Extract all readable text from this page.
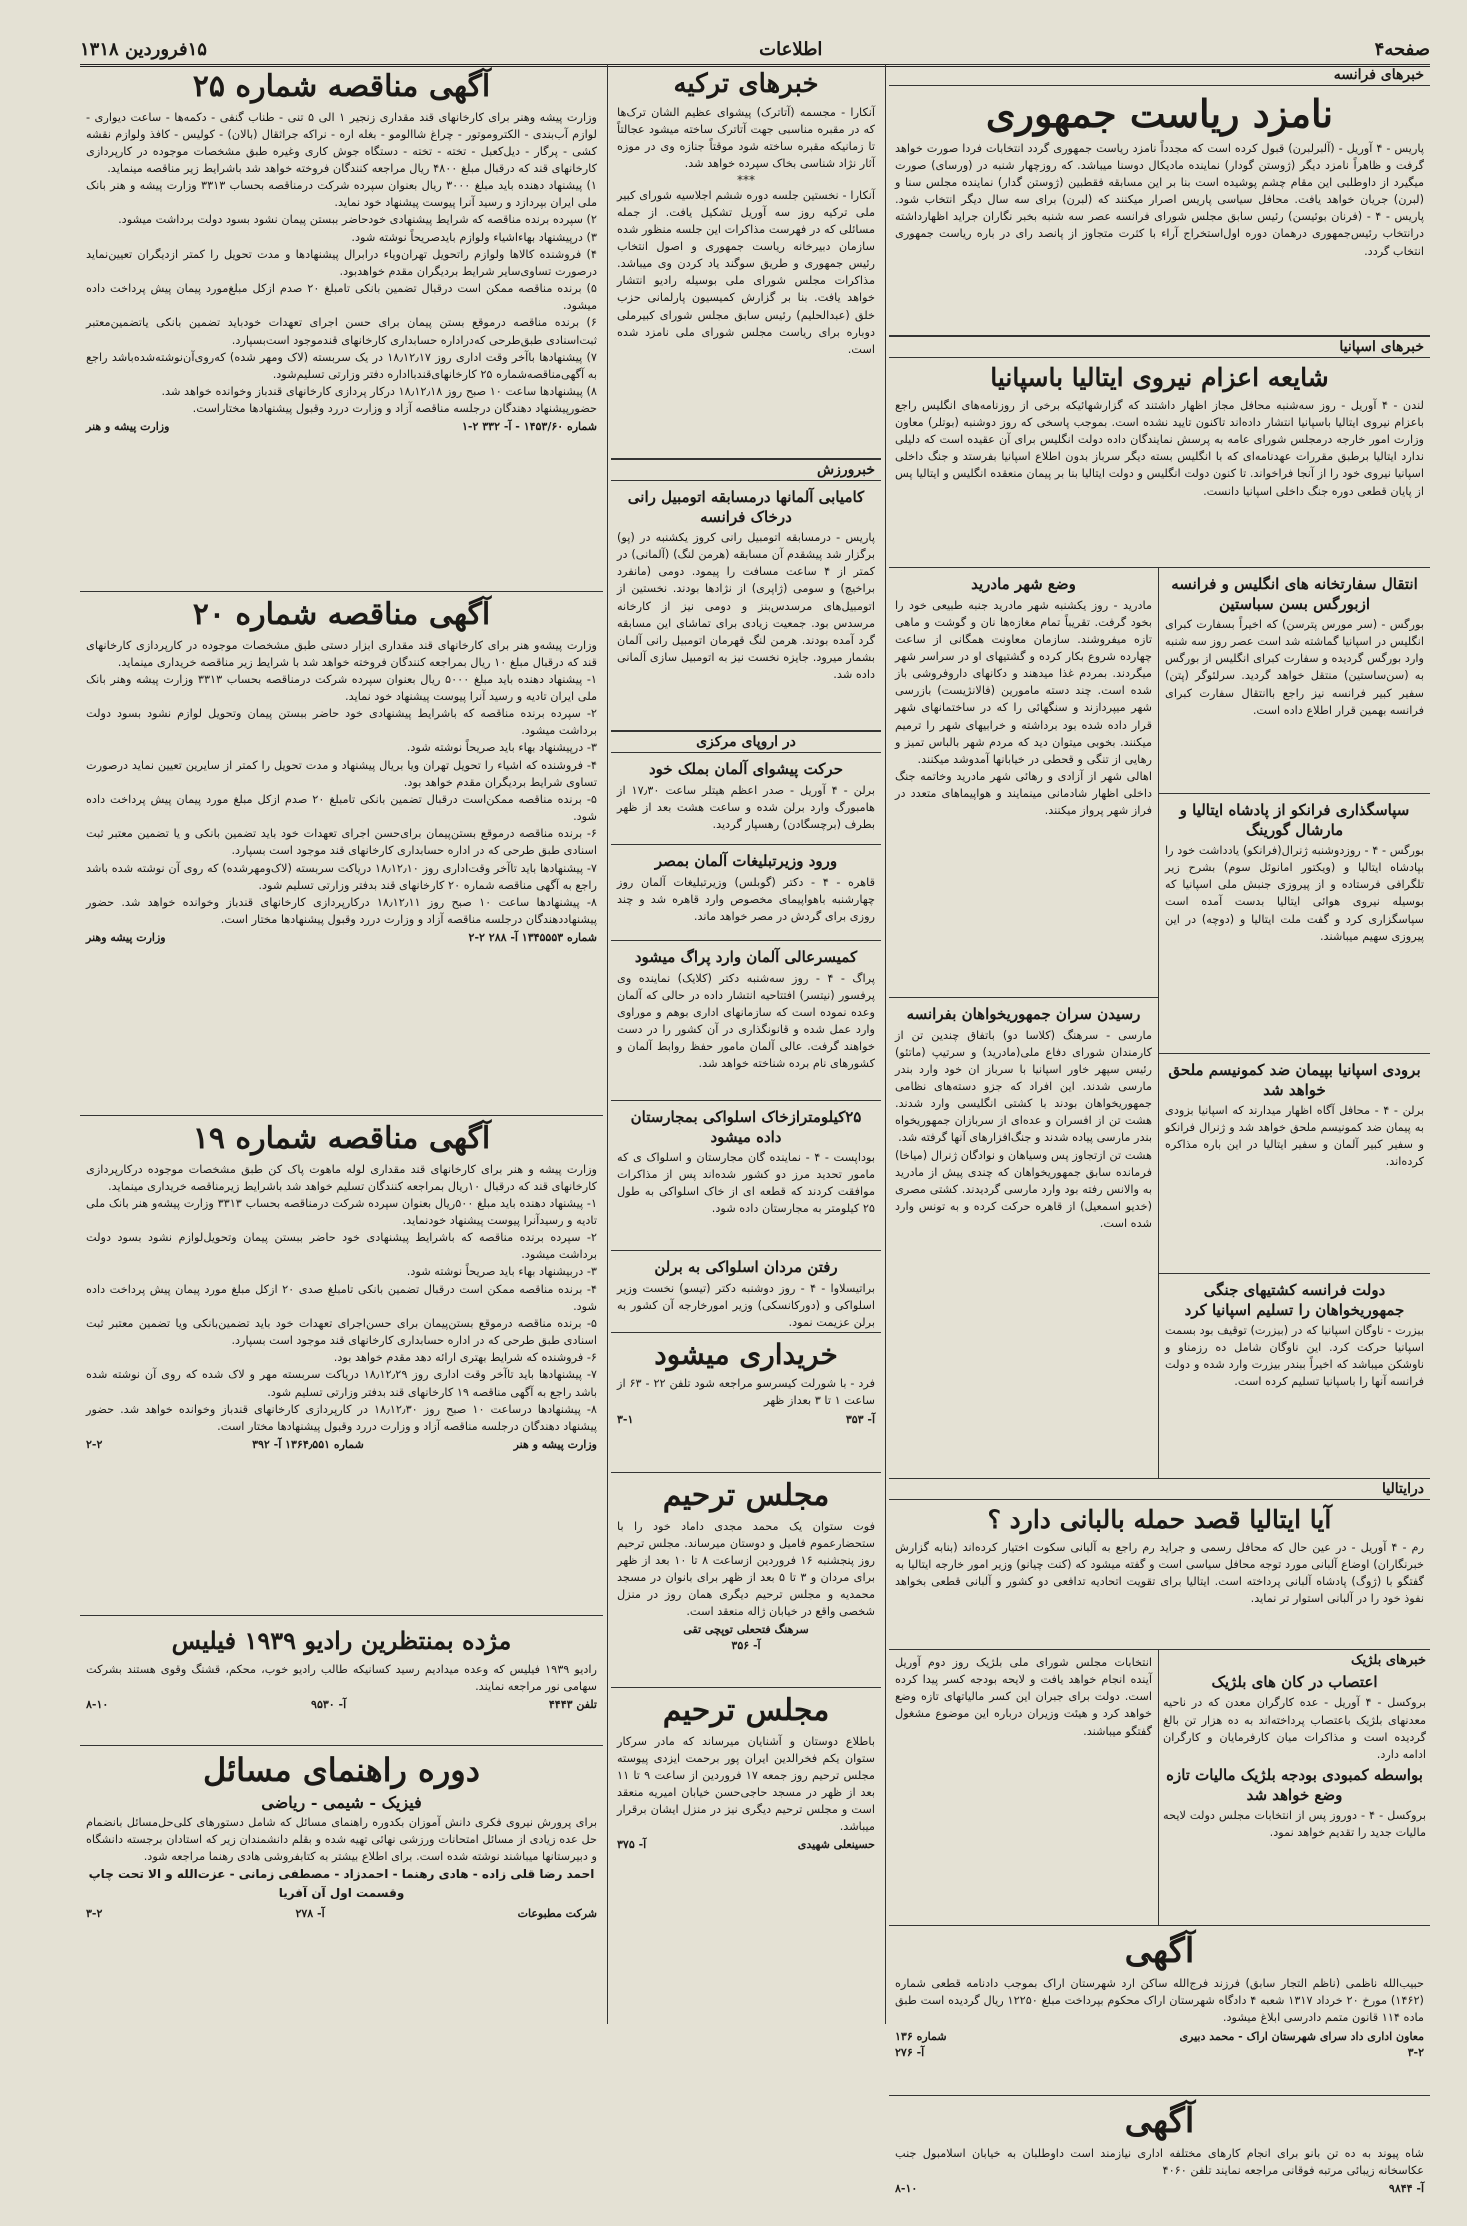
صفحه۴
اطلاعات
۱۵فروردین ۱۳۱۸
خبرهای فرانسه
نامزد ریاست جمهوری

پاریس - ۴ آوریل - (آلبرلبرن) قبول کرده است که مجدداً نامزد ریاست جمهوری گردد انتخابات فردا صورت خواهد گرفت و ظاهراً نامزد دیگر (ژوستن گودار) نماینده مادیکال دوسنا میباشد. که روزچهار شنبه در (ورسای) صورت میگیرد از داوطلبی این مقام چشم پوشیده است بنا بر این مسابقه فقطبین (ژوستن گدار) نماینده مجلس سنا و (لبرن) جریان خواهد یافت. محافل سیاسی پاریس اصرار میکنند که (لبرن) برای سه سال دیگر انتخاب شود. پاریس - ۴ - (فرنان بوئیسن) رئیس سابق مجلس شورای فرانسه عصر سه شنبه بخبر نگاران جراید اظهارداشته درانتخاب رئیس‌جمهوری درهمان دوره اول‌استخراج آراء با کثرت متجاوز از پانصد رای در باره ریاست جمهوری انتخاب گردد.

خبرهای اسپانیا
شایعه اعزام نیروی ایتالیا باسپانیا

لندن - ۴ آوریل - روز سه‌شنبه محافل مجاز اظهار داشتند که گزارشهائیکه برخی از روزنامه‌های انگلیس راجع باعزام نیروی ایتالیا باسپانیا انتشار داده‌اند تاکنون تایید نشده است. بموجب پاسخی که روز دوشنبه (بوتلر) معاون وزارت امور خارجه درمجلس شورای عامه به پرسش نمایندگان داده دولت انگلیس برای آن عقیده است که دلیلی ندارد ایتالیا برطبق مقررات عهدنامه‌ای که با انگلیس بسته دیگر سرباز بدون اطلاع اسپانیا بفرستد و جنگ داخلی اسپانیا نیروی خود را از آنجا فراخواند. تا کنون دولت انگلیس و دولت ایتالیا بنا بر پیمان منعقده انگلیس و ایتالیا پس از پایان قطعی دوره جنگ داخلی اسپانیا دانست.

انتقال سفارتخانه های انگلیس و فرانسه ازبورگس بسن سباستین

بورگس - (سر مورس پترسن) که اخیراً بسفارت کبرای انگلیس در اسپانیا گماشته شد است عصر روز سه شنبه وارد بورگس گردیده و سفارت کبرای انگلیس از بورگس به (سن‌ساستین) منتقل خواهد گردید. سرلئوگر (پتن) سفیر کبیر فرانسه نیز راجع باانتقال سفارت کبرای فرانسه بهمین قرار اطلاع داده است.

سپاسگذاری فرانکو از پادشاه ایتالیا و مارشال گورینگ

بورگس - ۴ - روزدوشنبه ژنرال(فرانکو) یادداشت خود را بپادشاه ایتالیا و (ویکتور امانوئل سوم) بشرح زیر تلگرافی فرستاده و از پیروزی جنبش ملی اسپانیا که بوسیله نیروی هوائی ایتالیا بدست آمده است سپاسگزاری کرد و گفت ملت ایتالیا و (دوچه) در این پیروزی سهیم میباشند.

برودی اسپانیا بپیمان ضد کمونیسم ملحق خواهد شد

برلن - ۴ - محافل آگاه اظهار میدارند که اسپانیا بزودی به پیمان ضد کمونیسم ملحق خواهد شد و ژنرال فرانکو و سفیر کبیر آلمان و سفیر ایتالیا در این باره مذاکره کرده‌اند.

دولت فرانسه کشتیهای جنگی جمهوریخواهان را تسلیم اسپانیا کرد

بیزرت - ناوگان اسپانیا که در (بیزرت) توقیف بود بسمت اسپانیا حرکت کرد. این ناوگان شامل ده رزمناو و ناوشکن میباشد که اخیراً ببندر بیزرت وارد شده و دولت فرانسه آنها را باسپانیا تسلیم کرده است.

وضع شهر مادرید

مادرید - روز یکشنبه شهر مادرید جنبه طبیعی خود را بخود گرفت. تقریباً تمام مغازه‌ها نان و گوشت و ماهی تازه میفروشند. سازمان معاونت همگانی از ساعت چهارده شروع بکار کرده و گشتیهای او در سراسر شهر میگردند. بمردم غذا میدهند و دکانهای داروفروشی باز شده است. چند دسته مامورین (فالانژیست) بازرسی شهر میپردازند و سنگهائی را که در ساختمانهای شهر قرار داده شده بود برداشته و خرابیهای شهر را ترمیم میکنند. بخوبی میتوان دید که مردم شهر بالباس تمیز و رهایی از تنگی و قحطی در خیابانها آمدوشد میکنند.

اهالی شهر از آزادی و رهائی شهر مادرید وخاتمه جنگ داخلی اظهار شادمانی مینمایند و هواپیماهای متعدد در فراز شهر پرواز میکنند.

رسیدن سران جمهوریخواهان بفرانسه

مارسی - سرهنگ (کلاسا دو) باتفاق چندین تن از کارمندان شورای دفاع ملی(مادرید) و سرتیپ (ماتئو) رئیس سپهر خاور اسپانیا با سرباز ان خود وارد بندر مارسی شدند. این افراد که جزو دسته‌های نظامی جمهوریخواهان بودند با کشتی انگلیسی وارد شدند. هشت تن از افسران و عده‌ای از سربازان جمهوریخواه بندر مارسی پیاده شدند و جنگ‌افزارهای آنها گرفته شد.

هشت تن ازتجاوز پس وسیاهان و نوادگان ژنرال (میاخا) فرمانده سابق جمهوریخواهان که چندی پیش از مادرید به والانس رفته بود وارد مارسی گردیدند. کشتی مصری (خدیو اسمعیل) از قاهره حرکت کرده و به تونس وارد شده است.

درایتالیا
آیا ایتالیا قصد حمله بالبانی دارد ؟

رم - ۴ آوریل - در عین حال که محافل رسمی و جراید رم راجع به آلبانی سکوت اختیار کرده‌اند (بنابه گزارش خبرنگاران) اوضاع آلبانی مورد توجه محافل سیاسی است و گفته میشود که (کنت چیانو) وزیر امور خارجه ایتالیا به گفتگو با (ژوگ) پادشاه آلبانی پرداخته است. ایتالیا برای تقویت اتحادیه تدافعی دو کشور و آلبانی قطعی بخواهد نفوذ خود را در آلبانی استوار تر نماید.

خبرهای بلژیک
اعتصاب در کان های بلژیک

بروکسل - ۴ آوریل - عده کارگران معدن که در ناحیه معدنهای بلژیک باعتصاب پرداخته‌اند به ده هزار تن بالغ گردیده است و مذاکرات میان کارفرمایان و کارگران ادامه دارد.

بواسطه کمبودی بودجه بلژیک مالیات تازه وضع خواهد شد

بروکسل - ۴ - دوروز پس از انتخابات مجلس دولت لایحه مالیات جدید را تقدیم خواهد نمود.

انتخابات مجلس شورای ملی بلژیک روز دوم آوریل آینده انجام خواهد یافت و لایحه بودجه کسر پیدا کرده است. دولت برای جبران این کسر مالیاتهای تازه وضع خواهد کرد و هیئت وزیران درباره این موضوع مشغول گفتگو میباشند.

آگهی

حبیب‌الله ناظمی (ناظم التجار سابق) فرزند فرج‌الله ساکن ارد شهرستان اراک بموجب دادنامه قطعی شماره (۱۴۶۲) مورخ ۲۰ خرداد ۱۳۱۷ شعبه ۴ دادگاه شهرستان اراک محکوم بپرداخت مبلغ ۱۲۲۵۰ ریال گردیده است طبق ماده ۱۱۴ قانون متمم دادرسی ابلاغ میشود.

معاون اداری داد سرای شهرستان اراک - محمد دبیری
شماره ۱۳۶
۳-۲
آ- ۲۷۶
آگهی

شاه پیوند به ده تن بانو برای انجام کارهای مختلفه اداری نیازمند است داوطلبان به خیابان اسلامبول جنب عکاسخانه زیبائی مرتبه فوقانی مراجعه نمایند تلفن ۴۰۶۰

آ- ۹۸۴۴
۸-۱۰
خبرهای ترکیه

آنکارا - مجسمه (آتاترک) پیشوای عظیم الشان ترک‌ها که در مقبره مناسبی جهت آتاترک ساخته میشود عجالتاً تا زمانیکه مقبره ساخته شود موقتاً جنازه وی در موزه آثار نژاد شناسی بخاک سپرده خواهد شد.

***

آنکارا - نخستین جلسه دوره ششم اجلاسیه شورای کبیر ملی ترکیه روز سه آوریل تشکیل یافت. از جمله مسائلی که در فهرست مذاکرات این جلسه منظور شده سازمان دبیرخانه ریاست جمهوری و اصول انتخاب رئیس جمهوری و طریق سوگند یاد کردن وی میباشد. مذاکرات مجلس شورای ملی بوسیله رادیو انتشار خواهد یافت. بنا بر گزارش کمیسیون پارلمانی حزب خلق (عبدالحلیم) رئیس سابق مجلس شورای کبیرملی دوباره برای ریاست مجلس شورای ملی نامزد شده است.

خبرورزش
کامیابی آلمانها درمسابقه اتومبیل رانی درخاک فرانسه

پاریس - درمسابقه اتومبیل رانی کروز یکشنبه در (پو) برگزار شد پیشقدم آن مسابقه (هرمن لنگ) (آلمانی) در کمتر از ۴ ساعت مسافت را پیمود. دومی (مانفرد براخیچ) و سومی (ژاپری) از نژادها بودند. نخستین از اتومبیل‌های مرسدس‌بنز و دومی نیز از کارخانه مرسدس بود. جمعیت زیادی برای تماشای این مسابقه گرد آمده بودند. هرمن لنگ قهرمان اتومبیل رانی آلمان بشمار میرود. جایزه نخست نیز به اتومبیل سازی آلمانی داده شد.

در اروپای مرکزی
حرکت پیشوای آلمان بملک خود

برلن - ۴ آوریل - صدر اعظم هیتلر ساعت ۱۷٫۳۰ از هامبورگ وارد برلن شده و ساعت هشت بعد از ظهر بطرف (برچسگادن) رهسپار گردید.

ورود وزیرتبلیغات آلمان بمصر

قاهره - ۴ - دکتر (گوبلس) وزیرتبلیغات آلمان روز چهارشنبه باهواپیمای مخصوص وارد قاهره شد و چند روزی برای گردش در مصر خواهد ماند.

کمیسرعالی آلمان وارد پراگ میشود

پراگ - ۴ - روز سه‌شنبه دکتر (کلایک) نماینده وی پرفسور (نیتسر) افتتاحیه انتشار داده در حالی که آلمان وعده نموده است که سازمانهای اداری بوهم و موراوی وارد عمل شده و قانونگذاری در آن کشور را در دست خواهند گرفت. عالی آلمان مامور حفظ روابط آلمان و کشورهای نام برده شناخته خواهد شد.

۲۵کیلومترازخاک اسلواکی بمجارستان داده میشود

بوداپست - ۴ - نماینده گان مجارستان و اسلواک ی که مامور تحدید مرز دو کشور شده‌اند پس از مذاکرات موافقت کردند که قطعه ای از خاک اسلواکی به طول ۲۵ کیلومتر به مجارستان داده شود.

رفتن مردان اسلواکی به برلن

براتیسلاوا - ۴ - روز دوشنبه دکتر (تیسو) نخست وزیر اسلواکی و (دورکانسکی) وزیر امورخارجه آن کشور به برلن عزیمت نمود.

خریداری میشود

فرد - با شورلت کیسرسو مراجعه شود تلفن ۲۲ - ۶۳ از ساعت ۱ تا ۳ بعداز ظهر

آ- ۳۵۳
۳-۱
مجلس ترحیم

فوت ستوان یک محمد مجدی داماد خود را با ستحضارعموم فامیل و دوستان میرساند. مجلس ترحیم روز پنجشنبه ۱۶ فروردین ازساعت ۸ تا ۱۰ بعد از ظهر برای مردان و ۳ تا ۵ بعد از ظهر برای بانوان در مسجد محمدیه و مجلس ترحیم دیگری همان روز در منزل شخصی واقع در خیابان ژاله منعقد است.

سرهنگ فتحعلی توپچی تقی
آ- ۳۵۶
مجلس ترحیم

باطلاع دوستان و آشنایان میرساند که مادر سرکار ستوان یکم فخرالدین ایران پور برحمت ایزدی پیوسته مجلس ترحیم روز جمعه ۱۷ فروردین از ساعت ۹ تا ۱۱ بعد از ظهر در مسجد حاجی‌حسن خیابان امیریه منعقد است و مجلس ترحیم دیگری نیز در منزل ایشان برقرار میباشد.

حسینعلی شهیدی
آ- ۳۷۵
آگهی مناقصه شماره ۲۵

وزارت پیشه وهنر برای کارخانهای قند مقداری زنجیر ۱ الی ۵ تنی - طناب گنفی - دکمه‌ها - ساعت دیواری - لوازم آب‌بندی - الکتروموتور - چراغ شاالومو - بغله اره - نراکه جراثقال (بالان) - کولیس - کافذ ولوازم نقشه کشی - پرگار - دیل‌کعبل - تخته - تخته - دستگاه جوش کاری وغیره طبق مشخصات موجوده در کارپردازی کارخانهای قند که درقبال مبلغ ۴۸۰۰ ریال مراجعه کنندگان فروخته خواهد شد باشرایط زیر مناقصه مینماید.

۱) پیشنهاد دهنده باید مبلغ ۳۰۰۰ ریال بعنوان سپرده شرکت درمناقصه بحساب ۳۳۱۳ وزارت پیشه و هنر بانک ملی ایران بپردازد و رسید آنرا پیوست پیشنهاد خود نماید.

۲) سپرده برنده مناقصه که شرایط پیشنهادی خودحاضر ببستن پیمان نشود بسود دولت برداشت میشود.

۳) درپیشنهاد بهاءاشیاء ولوازم بایدصریحاً نوشته شود.

۴) فروشنده کالاها ولوازم راتحویل تهران‌ویاء درابرال پیشنهادها و مدت تحویل را کمتر ازدیگران تعیین‌نماید درصورت تساوی‌سایر شرایط بردیگران مقدم خواهدبود.

۵) برنده مناقصه ممکن است درقبال تضمین بانکی تامبلغ ۲۰ صدم ازکل مبلغ‌مورد پیمان پیش پرداخت داده میشود.

۶) برنده مناقصه درموقع بستن پیمان برای حسن اجرای تعهدات خودباید تضمین بانکی یاتضمین‌معتبر ثبت‌اسنادی طبق‌طرحی که‌دراداره حسابداری کارخانهای قندموجود است‌بسپارد.

۷) پیشنهادها باآخر وقت اداری روز ۱۸٫۱۲٫۱۷ در یک سربسته (لاک ومهر شده) که‌روی‌آن‌نوشته‌شده‌باشد راجع به آگهی‌مناقصه‌شماره ۲۵ کارخانهای‌قند‌بااداره دفتر وزارتی تسلیم‌شود.

۸) پیشنهادها ساعت ۱۰ صبح روز ۱۸٫۱۲٫۱۸ درکار پردازی کارخانهای قندباز وخوانده خواهد شد.

حضورپیشنهاد دهندگان درجلسه مناقصه آزاد و وزارت دررد وقبول پیشنهادها مختاراست.

شماره ۱۴۵۳/۶۰ - آ- ۳۳۲ ۲-۱
وزارت پیشه و هنر
آگهی مناقصه شماره ۲۰

وزارت پیشه‌و هنر برای کارخانهای قند مقداری ابزار دستی طبق مشخصات موجوده در کارپردازی کارخانهای قند که درقبال مبلغ ۱۰ ریال بمراجعه کنندگان فروخته خواهد شد با شرایط زیر مناقصه خریداری مینماید.

۱- پیشنهاد دهنده باید مبلغ ۵۰۰۰ ریال بعنوان سپرده شرکت درمناقصه بحساب ۳۳۱۳ وزارت پیشه وهنر بانک ملی ایران تادیه و رسید آنرا پیوست پیشنهاد خود نماید.

۲- سپرده برنده مناقصه که باشرایط پیشنهادی خود حاضر ببستن پیمان وتحویل لوازم نشود بسود دولت برداشت میشود.

۳- درپیشنهاد بهاء باید صریحاً نوشته شود.

۴- فروشنده که اشیاء را تحویل تهران ویا بریال پیشنهاد و مدت تحویل را کمتر از سایرین تعیین نماید درصورت تساوی شرایط بردیگران مقدم خواهد بود.

۵- برنده مناقصه ممکن‌است درقبال تضمین بانکی تامبلغ ۲۰ صدم ازکل مبلغ مورد پیمان پیش پرداخت داده شود.

۶- برنده مناقصه درموقع بستن‌پیمان برای‌حسن اجرای تعهدات خود باید تضمین بانکی و یا تضمین معتبر ثبت اسنادی طبق طرحی که در اداره حسابداری کارخانهای قند موجود است بسپارد.

۷- پیشنهادها باید تاآخر وقت‌اداری روز ۱۸٫۱۲٫۱۰ دریاکت سربسته (لاک‌ومهرشده) که روی آن نوشته شده باشد راجع به آگهی مناقصه شماره ۲۰ کارخانهای قند بدفتر وزارتی تسلیم شود.

۸- پیشنهادها ساعت ۱۰ صبح روز ۱۸٫۱۲٫۱۱ درکارپردازی کارخانهای قندباز وخوانده خواهد شد. حضور پیشنهاددهندگان درجلسه مناقصه آزاد و وزارت دررد وقبول پیشنهادها مختار است.

شماره ۱۳۴۵۵۵۳ آ- ۲۸۸ ۲-۲
وزارت پیشه وهنر
آگهی مناقصه شماره ۱۹

وزارت پیشه و هنر برای کارخانهای قند مقداری لوله ماهوت پاک کن طبق مشخصات موجوده درکارپردازی کارخانهای قند که درقبال ۱۰ریال بمراجعه کنندگان تسلیم خواهد شد باشرایط زیرمناقصه خریداری مینماید.

۱- پیشنهاد دهنده باید مبلغ ۵۰۰ریال بعنوان سپرده شرکت درمناقصه بحساب ۳۳۱۳ وزارت پیشه‌و هنر بانک ملی تادیه و رسیدآنرا پیوست پیشنهاد خودنماید.

۲- سپرده برنده مناقصه که باشرایط پیشنهادی خود حاضر ببستن پیمان وتحویل‌لوازم نشود بسود دولت برداشت میشود.

۳- دربیشنهاد بهاء باید صریحاً نوشته شود.

۴- برنده مناقصه ممکن است درقبال تضمین بانکی تامبلغ صدی ۲۰ ازکل مبلغ مورد پیمان پیش پرداخت داده شود.

۵- برنده مناقصه درموقع بستن‌پیمان برای حسن‌اجرای تعهدات خود باید تضمین‌بانکی ویا تضمین معتبر ثبت اسنادی طبق طرحی که در اداره حسابداری کارخانهای قند موجود است بسپارد.

۶- فروشنده که شرایط بهتری ارائه دهد مقدم خواهد بود.

۷- پیشنهادها باید تاآخر وقت اداری روز ۱۸٫۱۲٫۲۹ دریاکت سربسته مهر و لاک شده که روی آن نوشته شده باشد راجع به آگهی مناقصه ۱۹ کارخانهای قند بدفتر وزارتی تسلیم شود.

۸- پیشنهادها درساعت ۱۰ صبح روز ۱۸٫۱۲٫۳۰ در کارپردازی کارخانهای قندباز وخوانده خواهد شد. حضور پیشنهاد دهندگان درجلسه مناقصه آزاد و وزارت دررد وقبول پیشنهادها مختار است.

وزارت پیشه و هنر
شماره ۱۳۶۴٫۵۵۱ آ- ۳۹۲
۲-۲
مژده بمنتظرین رادیو ۱۹۳۹ فیلیس

رادیو ۱۹۳۹ فیلیس که وعده میدادیم رسید کسانیکه طالب رادیو خوب، محکم، قشنگ وقوی هستند بشرکت سهامی نور مراجعه نمایند.

تلفن ۴۴۴۳
آ- ۹۵۳۰
۸-۱۰
دوره راهنمای مسائل
فیزیک - شیمی - ریاضی

برای پرورش نیروی فکری دانش آموزان بکدوره راهنمای مسائل که شامل دستورهای کلی‌حل‌مسائل بانضمام حل عده زیادی از مسائل امتحانات ورزشی نهائی تهیه شده و بقلم دانشمندان زیر که استادان برجسته دانشگاه و دبیرستانها میباشند نوشته شده است. برای اطلاع بیشتر به کتابفروشی هادی رهنما مراجعه شود.

احمد رضا قلی زاده - هادی رهنما - احمدزاد - مصطفی زمانی - عزت‌الله و الا تحت چاپ وقسمت اول آن آفریا
شرکت مطبوعات
آ- ۲۷۸
۳-۲
